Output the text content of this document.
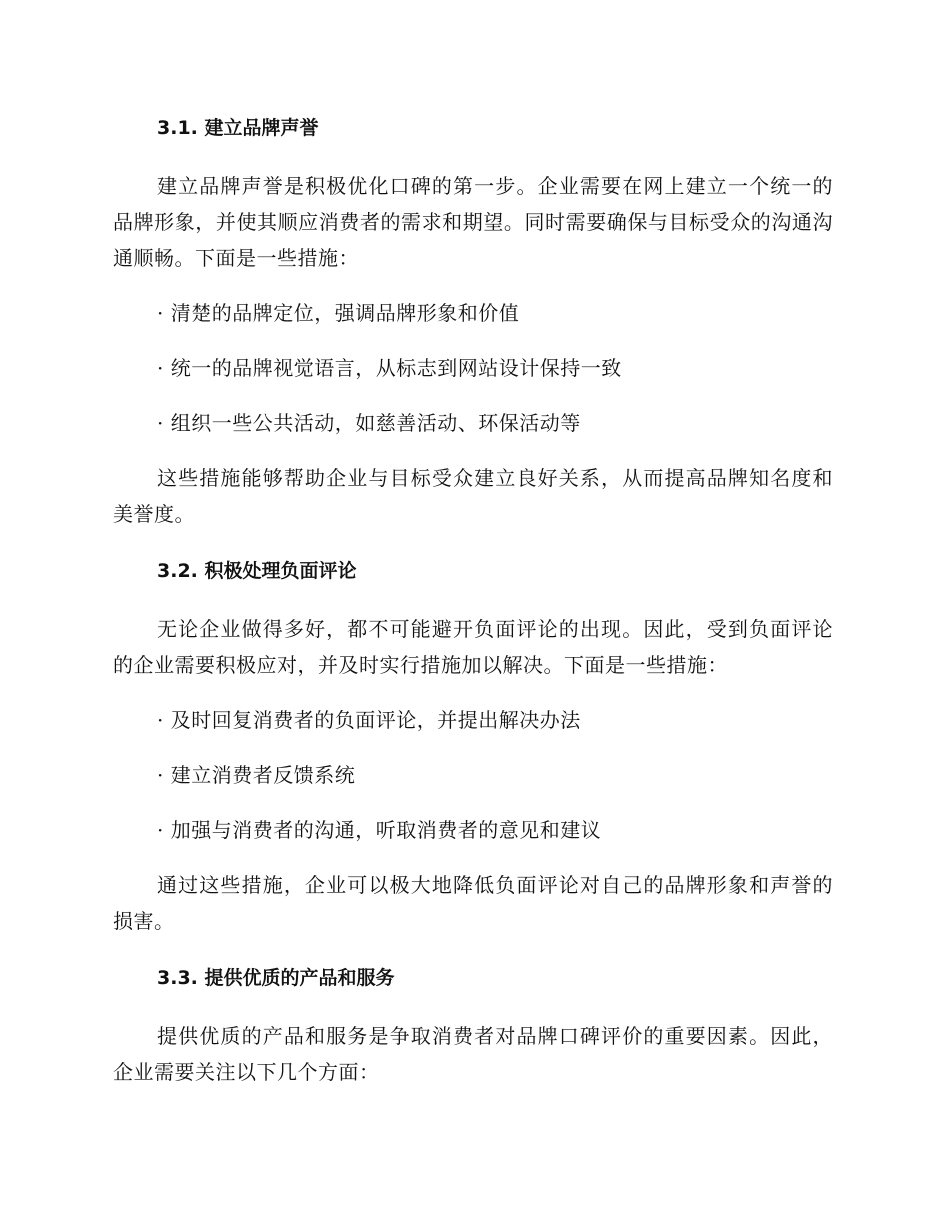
3.1. 建立品牌声誉

建立品牌声誉是积极优化口碑的第一步。企业需要在网上建立一个统一的品牌形象，并使其顺应消费者的需求和期望。同时需要确保与目标受众的沟通沟通顺畅。下面是一些措施：

· 清楚的品牌定位，强调品牌形象和价值

· 统一的品牌视觉语言，从标志到网站设计保持一致

· 组织一些公共活动，如慈善活动、环保活动等

这些措施能够帮助企业与目标受众建立良好关系，从而提高品牌知名度和美誉度。

3.2. 积极处理负面评论

无论企业做得多好，都不可能避开负面评论的出现。因此，受到负面评论的企业需要积极应对，并及时实行措施加以解决。下面是一些措施：

· 及时回复消费者的负面评论，并提出解决办法

· 建立消费者反馈系统

· 加强与消费者的沟通，听取消费者的意见和建议

通过这些措施，企业可以极大地降低负面评论对自己的品牌形象和声誉的损害。

3.3. 提供优质的产品和服务

提供优质的产品和服务是争取消费者对品牌口碑评价的重要因素。因此，企业需要关注以下几个方面：
